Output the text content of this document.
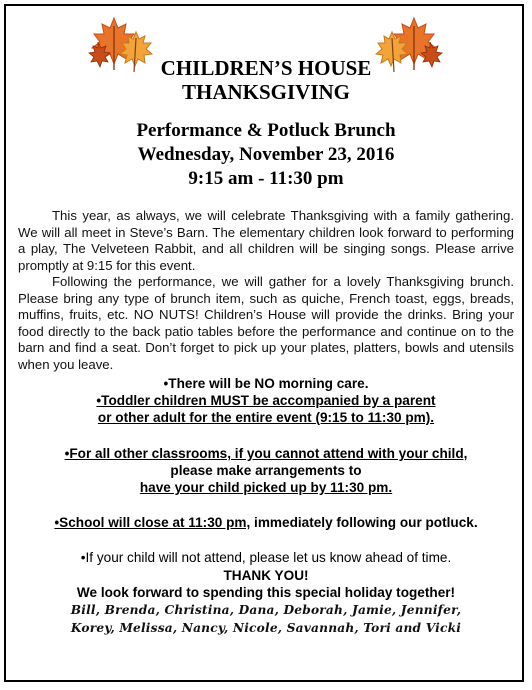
CHILDREN’S HOUSE
THANKSGIVING
Performance & Potluck Brunch
Wednesday, November 23, 2016
9:15 am - 11:30 pm
This year, as always, we will celebrate Thanksgiving with a family gathering. We will all meet in Steve’s Barn. The elementary children look forward to performing a play, The Velveteen Rabbit, and all children will be singing songs. Please arrive promptly at 9:15 for this event.
Following the performance, we will gather for a lovely Thanksgiving brunch. Please bring any type of brunch item, such as quiche, French toast, eggs, breads, muffins, fruits, etc. NO NUTS! Children’s House will provide the drinks. Bring your food directly to the back patio tables before the performance and continue on to the barn and find a seat. Don’t forget to pick up your plates, platters, bowls and utensils when you leave.
•There will be NO morning care.
•Toddler children MUST be accompanied by a parent
or other adult for the entire event (9:15 to 11:30 pm).
•For all other classrooms, if you cannot attend with your child,
please make arrangements to
have your child picked up by 11:30 pm.
•School will close at 11:30 pm, immediately following our potluck.
•If your child will not attend, please let us know ahead of time.
THANK YOU!
We look forward to spending this special holiday together!
Bill, Brenda, Christina, Dana, Deborah, Jamie, Jennifer,
Korey, Melissa, Nancy, Nicole, Savannah, Tori and Vicki
